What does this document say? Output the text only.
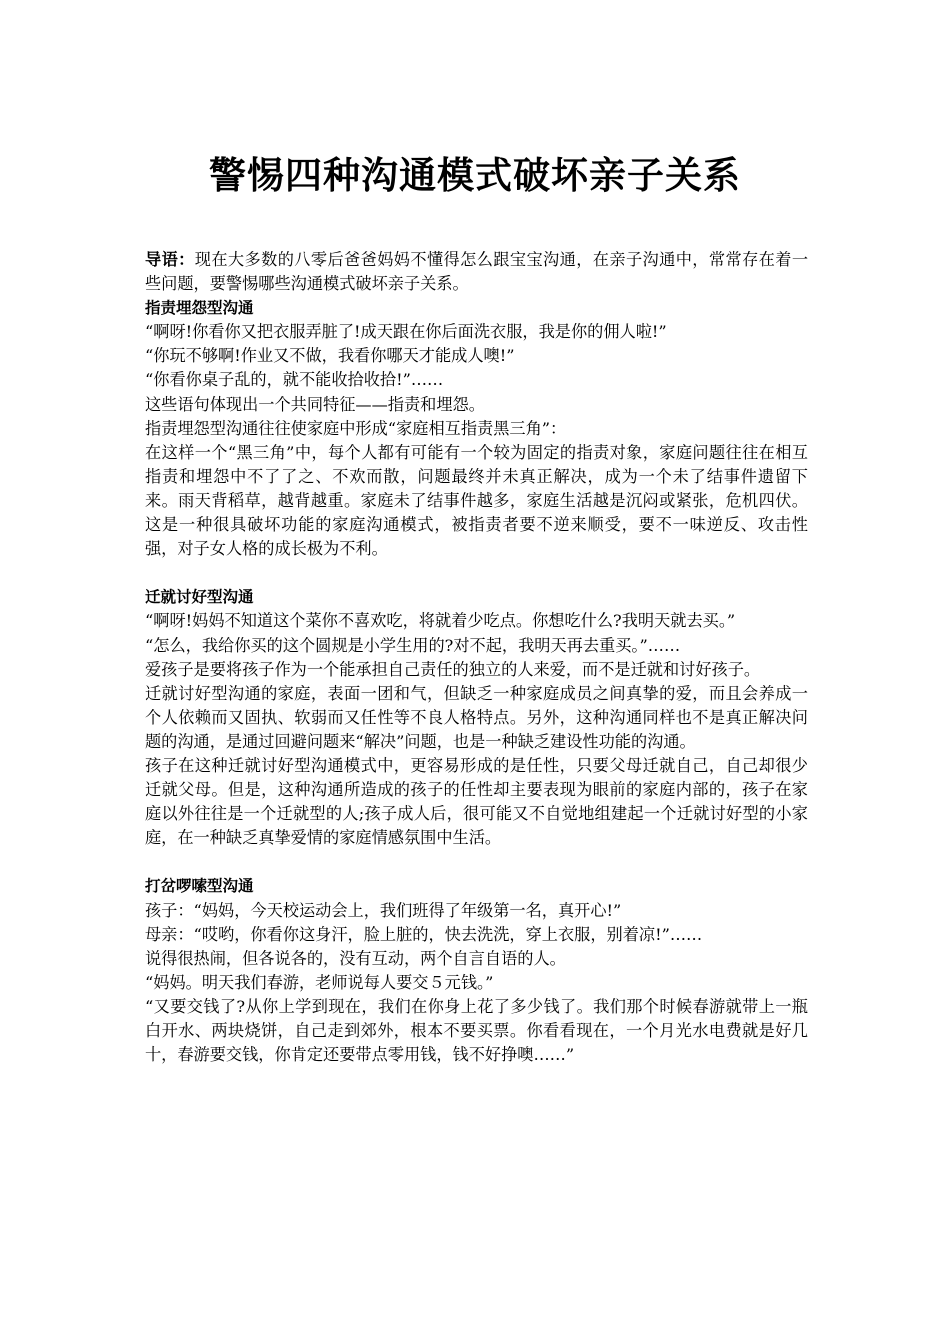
警惕四种沟通模式破坏亲子关系

导语：现在大多数的八零后爸爸妈妈不懂得怎么跟宝宝沟通，在亲子沟通中，常常存在着一些问题，要警惕哪些沟通模式破坏亲子关系。

指责埋怨型沟通

“啊呀!你看你又把衣服弄脏了!成天跟在你后面洗衣服，我是你的佣人啦!”

“你玩不够啊!作业又不做，我看你哪天才能成人噢!”

“你看你桌子乱的，就不能收拾收拾!”……

这些语句体现出一个共同特征——指责和埋怨。

指责埋怨型沟通往往使家庭中形成“家庭相互指责黑三角”：

在这样一个“黑三角”中，每个人都有可能有一个较为固定的指责对象，家庭问题往往在相互指责和埋怨中不了了之、不欢而散，问题最终并未真正解决，成为一个未了结事件遗留下来。雨天背稻草，越背越重。家庭未了结事件越多，家庭生活越是沉闷或紧张，危机四伏。这是一种很具破坏功能的家庭沟通模式，被指责者要不逆来顺受，要不一味逆反、攻击性强，对子女人格的成长极为不利。

迁就讨好型沟通

“啊呀!妈妈不知道这个菜你不喜欢吃，将就着少吃点。你想吃什么?我明天就去买。”

“怎么，我给你买的这个圆规是小学生用的?对不起，我明天再去重买。”……

爱孩子是要将孩子作为一个能承担自己责任的独立的人来爱，而不是迁就和讨好孩子。

迁就讨好型沟通的家庭，表面一团和气，但缺乏一种家庭成员之间真挚的爱，而且会养成一个人依赖而又固执、软弱而又任性等不良人格特点。另外，这种沟通同样也不是真正解决问题的沟通，是通过回避问题来“解决”问题，也是一种缺乏建设性功能的沟通。

孩子在这种迁就讨好型沟通模式中，更容易形成的是任性，只要父母迁就自己，自己却很少迁就父母。但是，这种沟通所造成的孩子的任性却主要表现为眼前的家庭内部的，孩子在家庭以外往往是一个迁就型的人;孩子成人后，很可能又不自觉地组建起一个迁就讨好型的小家庭，在一种缺乏真挚爱情的家庭情感氛围中生活。

打岔啰嗦型沟通

孩子：“妈妈，今天校运动会上，我们班得了年级第一名，真开心!”

母亲：“哎哟，你看你这身汗，脸上脏的，快去洗洗，穿上衣服，别着凉!”……

说得很热闹，但各说各的，没有互动，两个自言自语的人。

“妈妈。明天我们春游，老师说每人要交５元钱。”

“又要交钱了?从你上学到现在，我们在你身上花了多少钱了。我们那个时候春游就带上一瓶白开水、两块烧饼，自己走到郊外，根本不要买票。你看看现在，一个月光水电费就是好几十，春游要交钱，你肯定还要带点零用钱，钱不好挣噢……”
